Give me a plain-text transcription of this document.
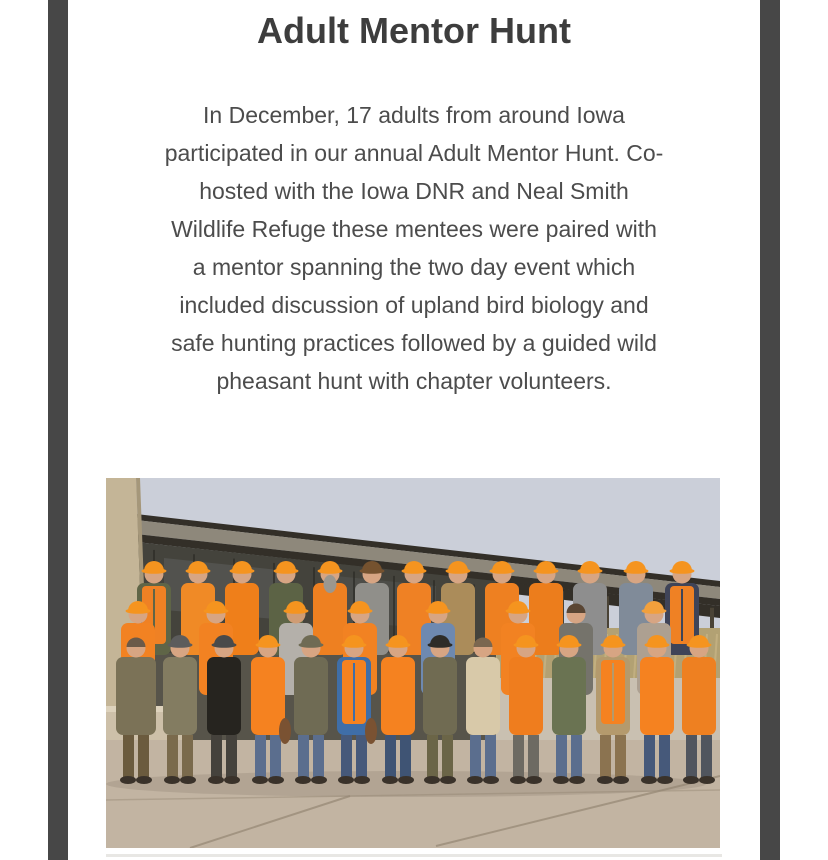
Adult Mentor Hunt
In December, 17 adults from around Iowa
participated in our annual Adult Mentor Hunt. Co-
hosted with the Iowa DNR and Neal Smith
Wildlife Refuge these mentees were paired with
a mentor spanning the two day event which
included discussion of upland bird biology and
safe hunting practices followed by a guided wild
pheasant hunt with chapter volunteers.
